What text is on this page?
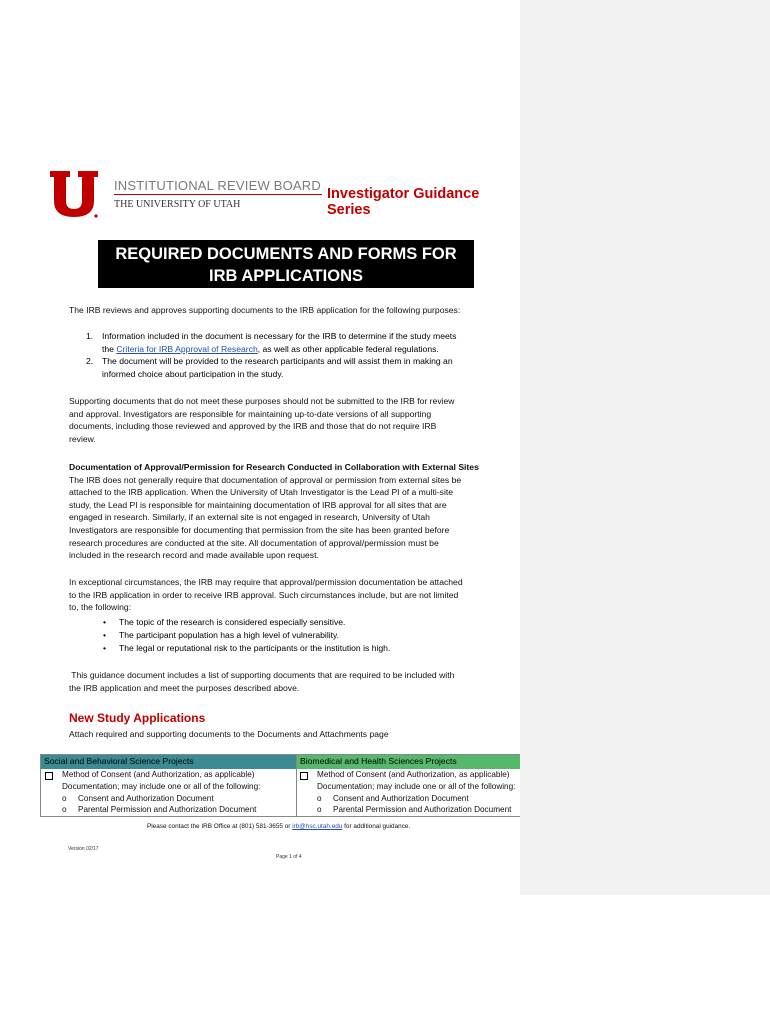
INSTITUTIONAL REVIEW BOARD
THE UNIVERSITY OF UTAH
Investigator Guidance Series
REQUIRED DOCUMENTS AND FORMS FOR
IRB APPLICATIONS
The IRB reviews and approves supporting documents to the IRB application for the following purposes:
1. Information included in the document is necessary for the IRB to determine if the study meets
the Criteria for IRB Approval of Research, as well as other applicable federal regulations.
2. The document will be provided to the research participants and will assist them in making an
informed choice about participation in the study.
Supporting documents that do not meet these purposes should not be submitted to the IRB for review
and approval. Investigators are responsible for maintaining up-to-date versions of all supporting
documents, including those reviewed and approved by the IRB and those that do not require IRB
review.
Documentation of Approval/Permission for Research Conducted in Collaboration with External Sites
The IRB does not generally require that documentation of approval or permission from external sites be
attached to the IRB application. When the University of Utah Investigator is the Lead PI of a multi-site
study, the Lead PI is responsible for maintaining documentation of IRB approval for all sites that are
engaged in research. Similarly, if an external site is not engaged in research, University of Utah
Investigators are responsible for documenting that permission from the site has been granted before
research procedures are conducted at the site. All documentation of approval/permission must be
included in the research record and made available upon request.
In exceptional circumstances, the IRB may require that approval/permission documentation be attached
to the IRB application in order to receive IRB approval. Such circumstances include, but are not limited
to, the following:
• The topic of the research is considered especially sensitive.
• The participant population has a high level of vulnerability.
• The legal or reputational risk to the participants or the institution is high.
This guidance document includes a list of supporting documents that are required to be included with
the IRB application and meet the purposes described above.
New Study Applications
Attach required and supporting documents to the Documents and Attachments page
Social and Behavioral Science Projects	Biomedical and Health Sciences Projects
Method of Consent (and Authorization, as applicable)
Documentation; may include one or all of the following:
o Consent and Authorization Document
o Parental Permission and Authorization Document
Method of Consent (and Authorization, as applicable)
Documentation; may include one or all of the following:
o Consent and Authorization Document
o Parental Permission and Authorization Document
Please contact the IRB Office at (801) 581-3655 or irb@hsc.utah.edu for additional guidance.
Version 02/17
Page 1 of 4
